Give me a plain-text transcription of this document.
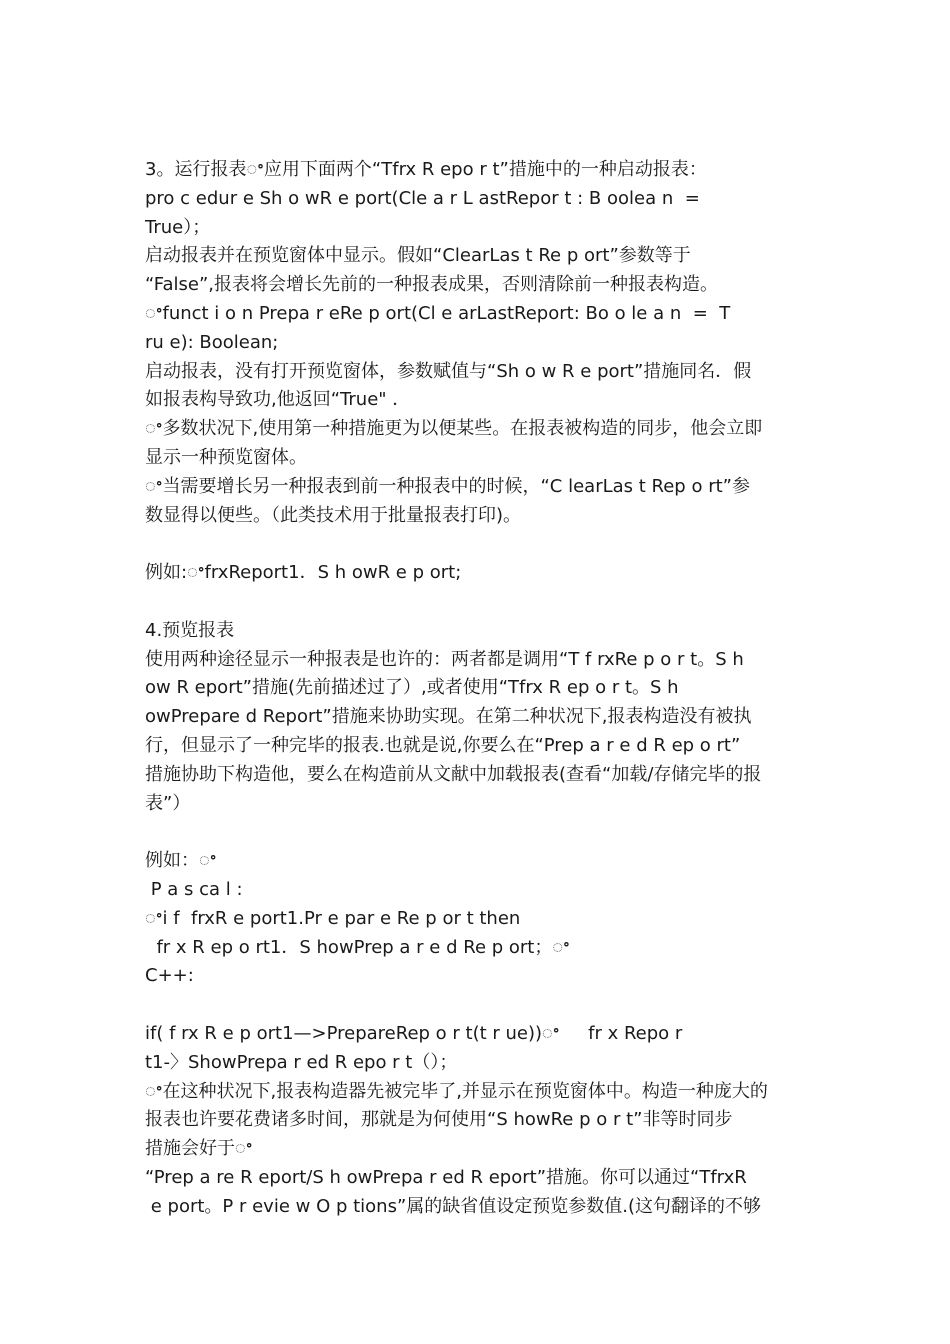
3。运行报表ꢀ应用下面两个“Tfrx R epo r t”措施中的一种启动报表：
pro c edur e Sh o wR e port(Cle a r L astRepor t : B oolea n  =
True）；
启动报表并在预览窗体中显示。假如“ClearLas t Re p ort”参数等于
“False”,报表将会增长先前的一种报表成果，否则清除前一种报表构造。
ꢀfunct i o n Prepa r eRe p ort(Cl e arLastReport: Bo o le a n  =  T
ru e): Boolean;
启动报表，没有打开预览窗体，参数赋值与“Sh o w R e port”措施同名．假
如报表构导致功,他返回“True" ．
ꢀ多数状况下,使用第一种措施更为以便某些。在报表被构造的同步，他会立即
显示一种预览窗体。
ꢀ当需要增长另一种报表到前一种报表中的时候，“C learLas t Rep o rt”参
数显得以便些。（此类技术用于批量报表打印)。
例如:ꢀfrxReport1．S h owR e p ort;
4.预览报表
使用两种途径显示一种报表是也许的：两者都是调用“T f rxRe p o r t。S h
ow R eport”措施(先前描述过了）,或者使用“Tfrx R ep o r t。S h
owPrepare d Report”措施来协助实现。在第二种状况下,报表构造没有被执
行，但显示了一种完毕的报表.也就是说,你要么在“Prep a r e d R ep o rt”
措施协助下构造他，要么在构造前从文献中加载报表(查看“加载/存储完毕的报
表”）
例如：ꢀ
P a s ca l :
ꢀi f  frxR e port1.Pr e par e Re p or t then
fr x R ep o rt1．S howPrep a r e d Re p ort；ꢀ
C++:
if( f rx R e p ort1—>PrepareRep o r t(t r ue))ꢀ     fr x Repo r
t1-〉ShowPrepa r ed R epo r t（）；
ꢀ在这种状况下,报表构造器先被完毕了,并显示在预览窗体中。构造一种庞大的
报表也许要花费诸多时间，那就是为何使用“S howRe p o r t”非等时同步
措施会好于ꢀ
“Prep a re R eport/S h owPrepa r ed R eport”措施。你可以通过“TfrxR
e port。P r evie w O p tions”属的缺省值设定预览参数值.(这句翻译的不够
